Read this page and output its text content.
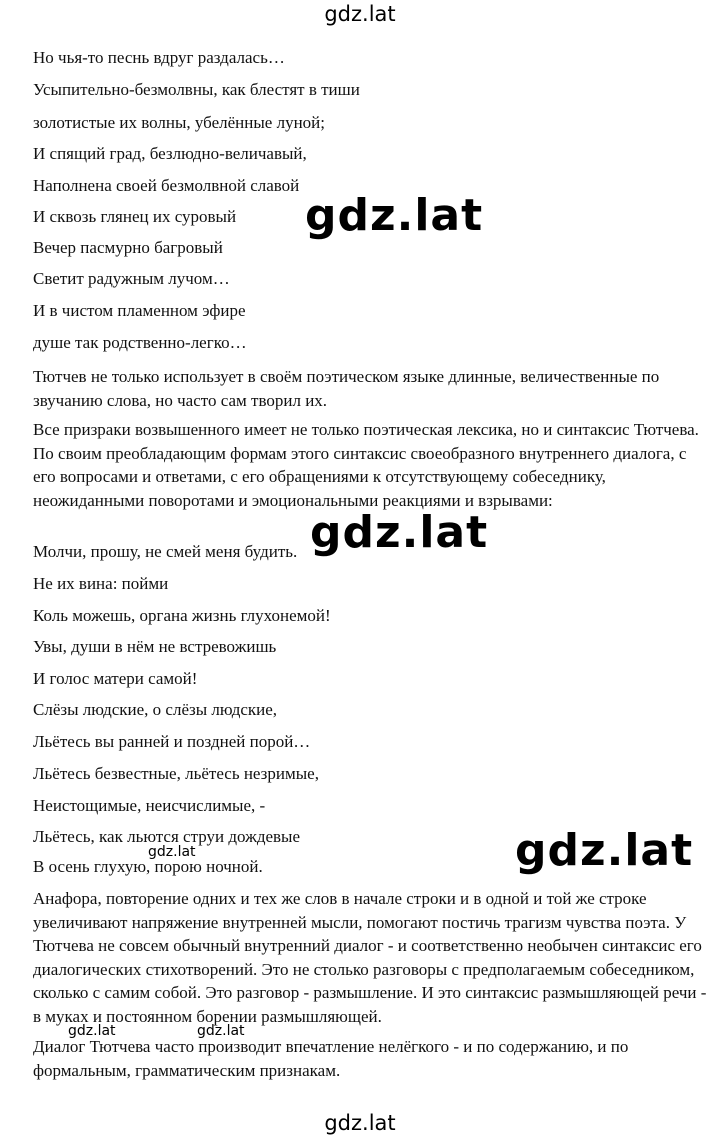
gdz.lat
Но чья-то песнь вдруг раздалась…
Усыпительно-безмолвны, как блестят в тиши
золотистые их волны, убелённые луной;
И спящий град, безлюдно-величавый,
Наполнена своей безмолвной славой
И сквозь глянец их суровый
Вечер пасмурно багровый
Светит радужным лучом…
И в чистом пламенном эфире
душе так родственно-легко…
Тютчев не только использует в своём поэтическом языке длинные, величественные по звучанию слова, но часто сам творил их.
Все призраки возвышенного имеет не только поэтическая лексика, но и синтаксис Тютчева. По своим преобладающим формам этого синтаксис своеобразного внутреннего диалога, с его вопросами и ответами, с его обращениями к отсутствующему собеседнику, неожиданными поворотами и эмоциональными реакциями и взрывами:
Молчи, прошу, не смей меня будить.
Не их вина: пойми
Коль можешь, органа жизнь глухонемой!
Увы, души в нём не встревожишь
И голос матери самой!
Слёзы людские, о слёзы людские,
Льётесь вы ранней и поздней порой…
Льётесь безвестные, льётесь незримые,
Неистощимые, неисчислимые, -
Льётесь, как льются струи дождевые
В осень глухую, порою ночной.
Анафора, повторение одних и тех же слов в начале строки и в одной и той же строке увеличивают напряжение внутренней мысли, помогают постичь трагизм чувства поэта. У Тютчева не совсем обычный внутренний диалог - и соответственно необычен синтаксис его диалогических стихотворений. Это не столько разговоры с предполагаемым собеседником, сколько с самим собой. Это разговор - размышление. И это синтаксис размышляющей речи - в муках и постоянном борении размышляющей.
Диалог Тютчева часто производит впечатление нелёгкого - и по содержанию, и по формальным, грамматическим признакам.
gdz.lat
gdz.lat
gdz.lat
gdz.lat
gdz.lat	gdz.lat
gdz.lat
